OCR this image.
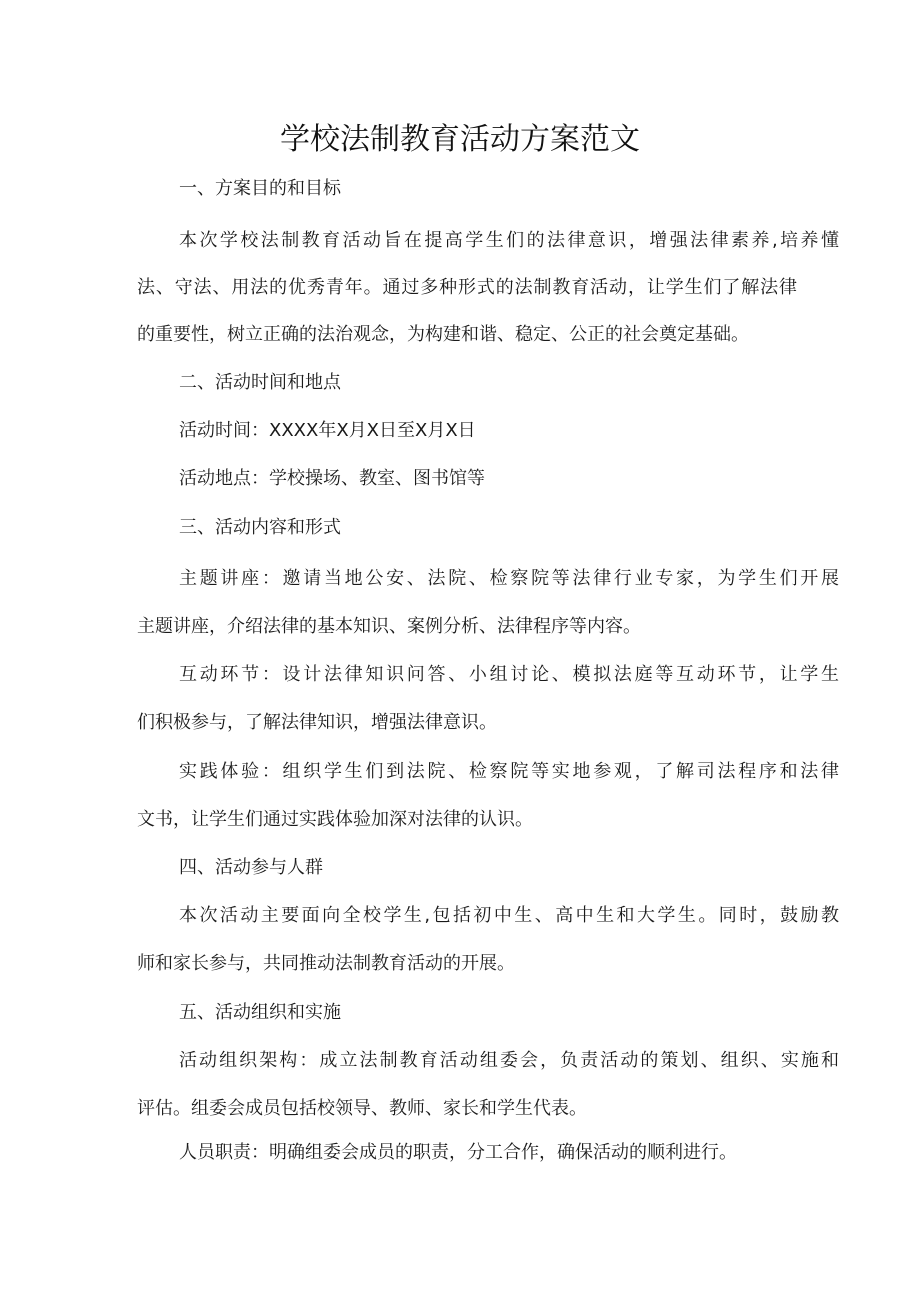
学校法制教育活动方案范文
一、方案目的和目标
本次学校法制教育活动旨在提高学生们的法律意识，增强法律素养,培养懂
法、守法、用法的优秀青年。通过多种形式的法制教育活动，让学生们了解法律
的重要性，树立正确的法治观念，为构建和谐、稳定、公正的社会奠定基础。
二、活动时间和地点
活动时间：XXXX年X月X日至X月X日
活动地点：学校操场、教室、图书馆等
三、活动内容和形式
主题讲座：邀请当地公安、法院、检察院等法律行业专家，为学生们开展
主题讲座，介绍法律的基本知识、案例分析、法律程序等内容。
互动环节：设计法律知识问答、小组讨论、模拟法庭等互动环节，让学生
们积极参与，了解法律知识，增强法律意识。
实践体验：组织学生们到法院、检察院等实地参观，了解司法程序和法律
文书，让学生们通过实践体验加深对法律的认识。
四、活动参与人群
本次活动主要面向全校学生,包括初中生、高中生和大学生。同时，鼓励教
师和家长参与，共同推动法制教育活动的开展。
五、活动组织和实施
活动组织架构：成立法制教育活动组委会，负责活动的策划、组织、实施和
评估。组委会成员包括校领导、教师、家长和学生代表。
人员职责：明确组委会成员的职责，分工合作，确保活动的顺利进行。
